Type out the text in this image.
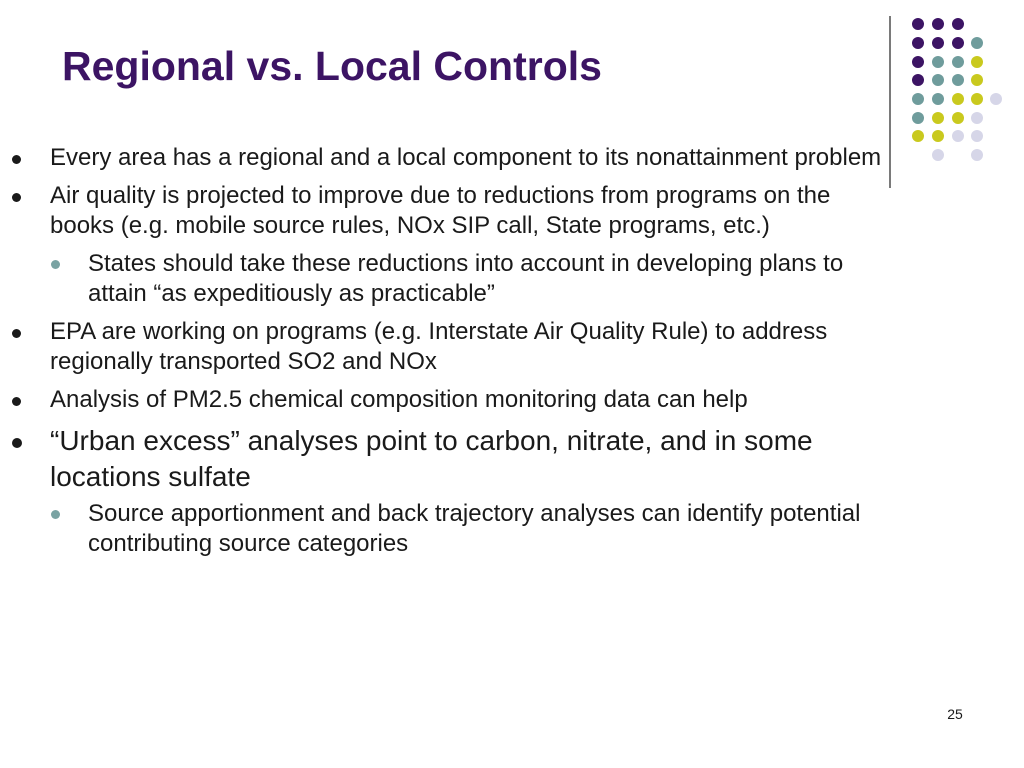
Regional vs. Local Controls
Every area has a regional and a local component to its nonattainment problem
Air quality is projected to improve due to reductions from programs on the books (e.g. mobile source rules, NOx SIP call, State programs, etc.)
States should take these reductions into account in developing plans to attain “as expeditiously as practicable”
EPA are working on programs (e.g. Interstate Air Quality Rule) to address regionally transported SO2 and NOx
Analysis of PM2.5 chemical composition monitoring data can help
“Urban excess” analyses point to carbon, nitrate, and in some locations sulfate
Source apportionment and back trajectory analyses can identify potential contributing source categories
25
